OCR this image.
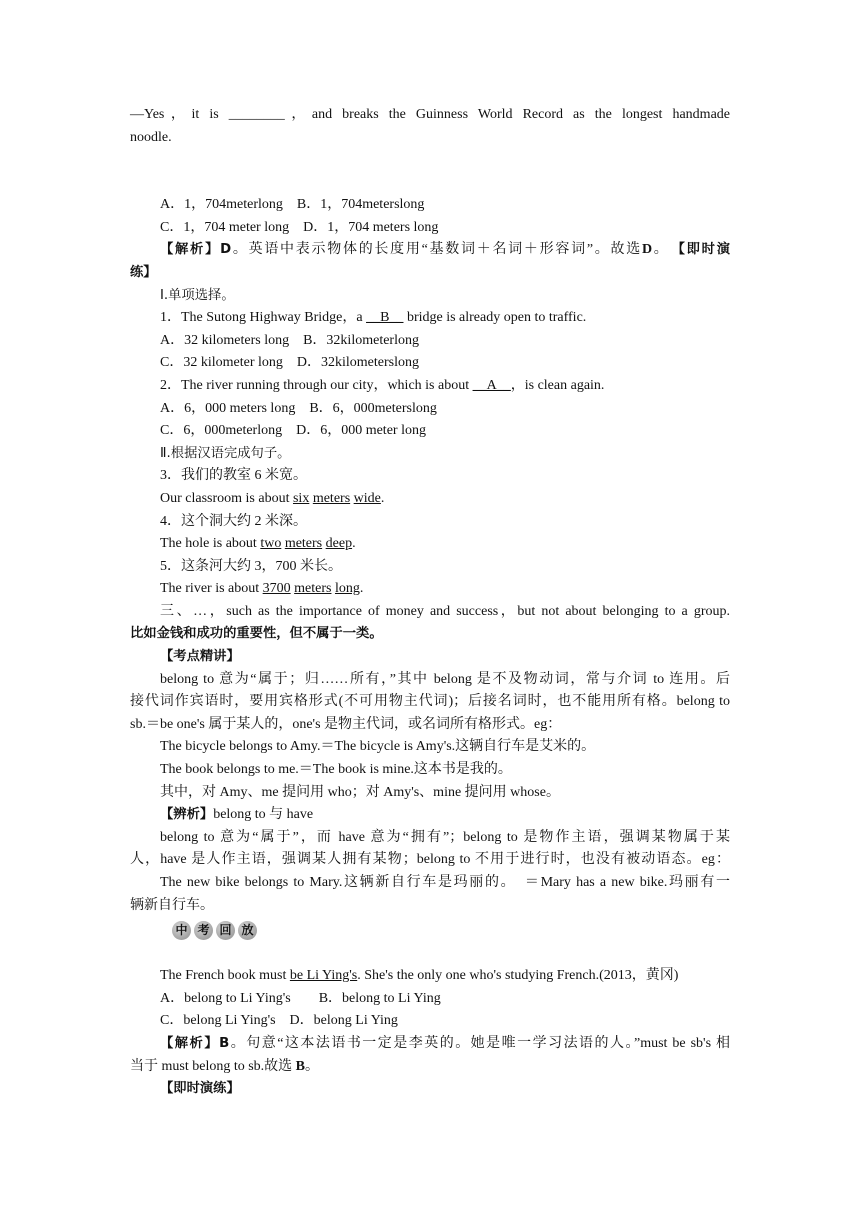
—Yes，it is ________，and breaks the Guinness World Record as the longest handmade
noodle.
A．1，704meterlong　B．1，704meterslong
C．1，704 meter long　D．1，704 meters long
【解析】D。英语中表示物体的长度用“基数词＋名词＋形容词”。故选D。　【即时演
练】
Ⅰ.单项选择。
1．The Sutong Highway Bridge，a __B__ bridge is already open to traffic.
A．32 kilometers long　B．32kilometerlong
C．32 kilometer long　D．32kilometerslong
2．The river running through our city，which is about __A__，is clean again.
A．6，000 meters long　B．6，000meterslong
C．6，000meterlong　D．6，000 meter long
Ⅱ.根据汉语完成句子。
3．我们的教室 6 米宽。
Our classroom is about six meters wide.
4．这个洞大约 2 米深。
The hole is about two meters deep.
5．这条河大约 3，700 米长。
The river is about 3700 meters long.
三、…，such as the importance of money and success，but not about belonging to a group.
比如金钱和成功的重要性，但不属于一类。
【考点精讲】
belong to 意为“属于；归……所有，”其中 belong 是不及物动词，常与介词 to 连用。后
接代词作宾语时，要用宾格形式(不可用物主代词)；后接名词时，也不能用所有格。belong to
sb.＝be one's 属于某人的，one's 是物主代词，或名词所有格形式。eg：
The bicycle belongs to Amy.＝The bicycle is Amy's.这辆自行车是艾米的。
The book belongs to me.＝The book is mine.这本书是我的。
其中，对 Amy、me 提问用 who；对 Amy's、mine 提问用 whose。
【辨析】belong to 与 have
belong to 意为“属于”，而 have 意为“拥有”；belong to 是物作主语，强调某物属于某
人，have 是人作主语，强调某人拥有某物；belong to 不用于进行时，也没有被动语态。eg：
The new bike belongs to Mary.这辆新自行车是玛丽的。　＝Mary has a new bike.玛丽有一
辆新自行车。
中 考 回 放
The French book must be Li Ying's. She's the only one who's studying French.(2013，黄冈)
A．belong to Li Ying's　　B．belong to Li Ying
C．belong Li Ying's　D．belong Li Ying
【解析】B。句意“这本法语书一定是李英的。她是唯一学习法语的人。”must be sb's 相
当于 must belong to sb.故选 B。
【即时演练】
